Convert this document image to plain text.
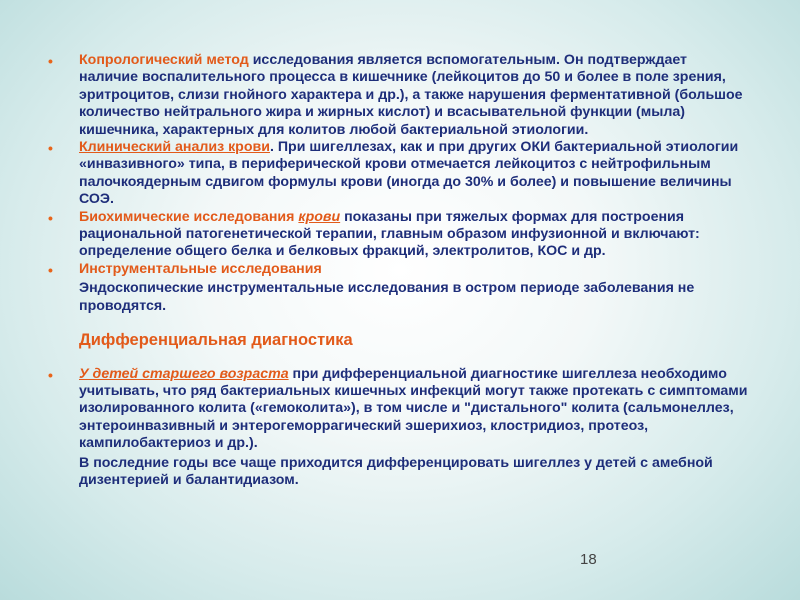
• Копрологический метод исследования является вспомогательным. Он подтверждает наличие воспалительного процесса в кишечнике (лейкоцитов до 50 и более в поле зрения, эритроцитов, слизи гнойного характера и др.), а также нарушения ферментативной (большое количество нейтрального жира и жирных кислот) и всасывательной функции (мыла) кишечника, характерных для колитов любой бактериальной этиологии.
• Клинический анализ крови. При шигеллезах, как и при других ОКИ бактериальной этиологии «инвазивного» типа, в периферической крови отмечается лейкоцитоз с нейтрофильным палочкоядерным сдвигом формулы крови (иногда до 30% и более) и повышение величины СОЭ.
• Биохимические исследования крови показаны при тяжелых формах для построения рациональной патогенетической терапии, главным образом инфузионной и включают: определение общего белка и белковых фракций, электролитов, КОС и др.
• Инструментальные исследования
Эндоскопические инструментальные исследования в остром периоде заболевания не проводятся.
Дифференциальная диагностика
• У детей старшего возраста при дифференциальной диагностике шигеллеза необходимо учитывать, что ряд бактериальных кишечных инфекций могут также протекать с симптомами изолированного колита («гемоколита»), в том числе и "дистального" колита (сальмонеллез, энтероинвазивный и энтерогеморрагический эшерихиоз, клостридиоз, протеоз, кампилобактериоз и др.).
В последние годы все чаще приходится дифференцировать шигеллез у детей с амебной дизентерией и балантидиазом.
18
